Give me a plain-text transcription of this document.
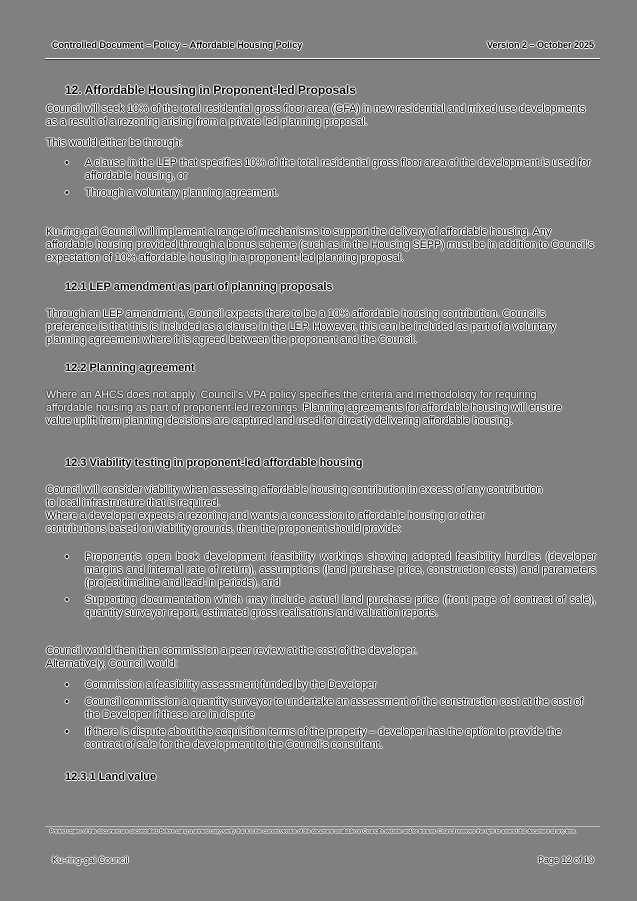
Controlled Document – Policy – Affordable Housing Policy	Version 2 – October 2025
12. Affordable Housing in Proponent-led Proposals
Council will seek 10% of the total residential gross floor area (GFA) in new residential and mixed use developments as a result of a rezoning arising from a private led planning proposal.
This would either be through:
• A clause in the LEP that specifies 10% of the total residential gross floor area of the development is used for affordable housing, or
• Through a voluntary planning agreement.
Ku-ring-gai Council will implement a range of mechanisms to support the delivery of affordable housing. Any affordable housing provided through a bonus scheme (such as in the Housing SEPP) must be in addition to Council's expectation of 10% affordable housing in a proponent-led planning proposal.
12.1 LEP amendment as part of planning proposals
Through an LEP amendment, Council expects there to be a 10% affordable housing contribution. Council's preference is that this is included as a clause in the LEP. However, this can be included as part of a voluntary planning agreement where it is agreed between the proponent and the Council.
12.2 Planning agreement
Where an AHCS does not apply, Council's VPA policy specifies the criteria and methodology for requiring affordable housing as part of proponent-led rezonings. Planning agreements for affordable housing will ensure value uplift from planning decisions are captured and used for directly delivering affordable housing.
12.3 Viability testing in proponent-led affordable housing
Council will consider viability when assessing affordable housing contribution in excess of any contribution to local infrastructure that is required.
Where a developer expects a rezoning and wants a concession to affordable housing or other contributions based on viability grounds, then the proponent should provide:
• Proponent's open book development feasibility workings showing adopted feasibility hurdles (developer margins and internal rate of return), assumptions (land purchase price, construction costs) and parameters (project timeline and lead-in periods), and
• Supporting documentation which may include actual land purchase price (front page of contract of sale), quantity surveyor report, estimated gross realisations and valuation reports.
Council would then then commission a peer review at the cost of the developer.
Alternatively, Council would:
• Commission a feasibility assessment funded by the Developer
• Council commission a quantity surveyor to undertake an assessment of the construction cost at the cost of the Developer if these are in dispute
• If there is dispute about the acquisition terms of the property – developer has the option to provide the contract of sale for the development to the Council's consultant.
12.3.1 Land value
Printed copies of this document are uncontrolled. Before using a printed copy, verify that it is the current version of the document available on Council's website and/or intranet. Council reserves the right to amend this document at any time.
Ku-ring-gai Council	Page 12 of 19
